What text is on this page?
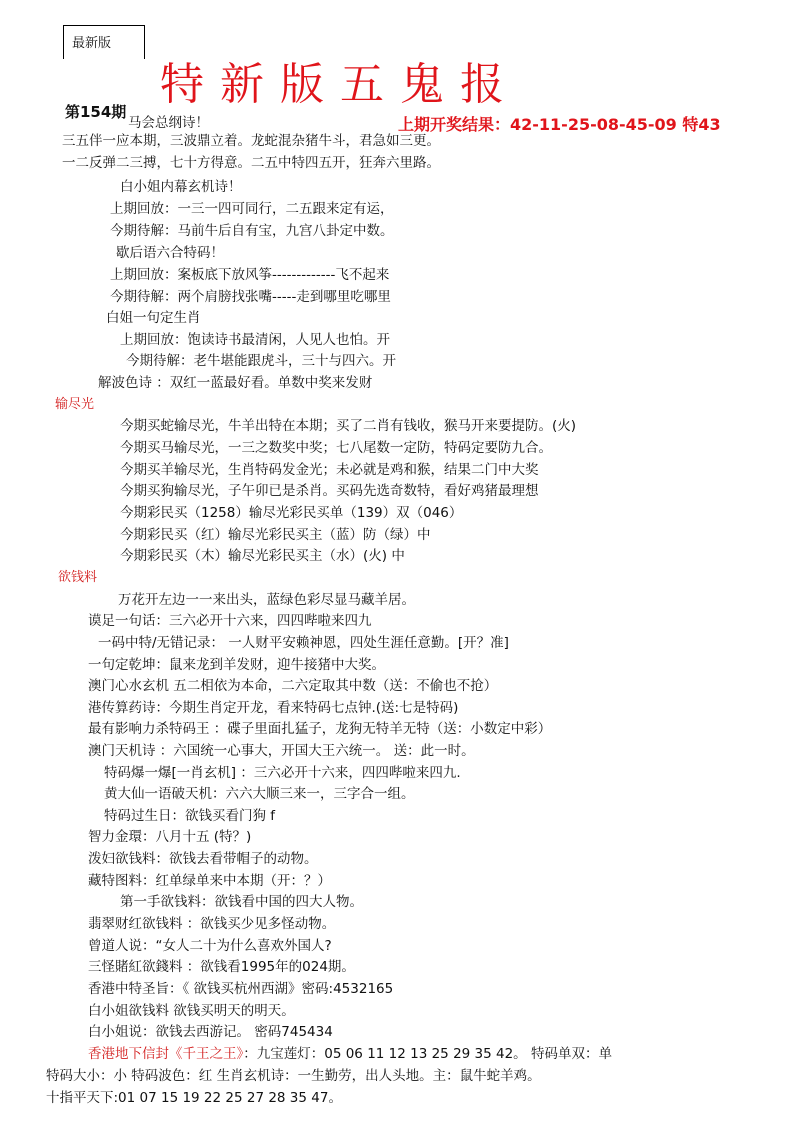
最新版
特新版五鬼报
第154期
上期开奖结果：42-11-25-08-45-09 特43
马会总纲诗！
三五伴一应本期，三波鼎立着。龙蛇混杂猪牛斗，君急如三更。
一二反弹二三搏，七十方得意。二五中特四五开，狂奔六里路。
白小姐内幕玄机诗！
上期回放：一三一四可同行，二五跟来定有运，
今期待解：马前牛后自有宝，九宫八卦定中数。
歇后语六合特码！
上期回放：案板底下放风筝-------------飞不起来
今期待解：两个肩膀找张嘴-----走到哪里吃哪里
白姐一句定生肖
上期回放：饱读诗书最清闲，人见人也怕。开
今期待解：老牛堪能跟虎斗，三十与四六。开
解波色诗 ：双红一蓝最好看。单数中奖来发财
输尽光
今期买蛇输尽光，牛羊出特在本期；买了二肖有钱收，猴马开来要提防。(火)
今期买马输尽光，一三之数奖中奖；七八尾数一定防，特码定要防九合。
今期买羊输尽光，生肖特码发金光；未必就是鸡和猴，结果二门中大奖
今期买狗输尽光，子午卯已是杀肖。买码先选奇数特，看好鸡猪最理想
今期彩民买（1258）输尽光彩民买单（139）双（046）
今期彩民买（红）输尽光彩民买主（蓝）防（绿）中
今期彩民买（木）输尽光彩民买主（水）(火) 中
欲钱料
万花开左边一一来出头，蓝绿色彩尽显马藏羊居。
谟足一句话：三六必开十六来，四四哔啦来四九
一码中特/无错记录： 一人财平安赖神恩，四处生涯任意勤。[开？准]
一句定乾坤：鼠来龙到羊发财，迎牛接猪中大奖。
澳门心水玄机 五二相依为本命，二六定取其中数（送：不偷也不抢）
港传算药诗：今期生肖定开龙，看来特码七点钟.(送:七是特码)
最有影响力杀特码王 ：碟子里面扎猛子，龙狗无特羊无特（送：小数定中彩）
澳门天机诗 ：六国统一心事大，开国大王六统一。 送：此一时。
特码爆一爆[一肖玄机] ：三六必开十六来，四四哔啦来四九.
黄大仙一语破天机：六六大顺三来一，三字合一组。
特码过生日：欲钱买看门狗 f
智力金環：八月十五 (特？)
泼妇欲钱料：欲钱去看带帽子的动物。
藏特图料：红单绿单来中本期（开：？）
第一手欲钱料：欲钱看中国的四大人物。
翡翠财红欲钱料 ：欲钱买少见多怪动物。
曾道人说：“女人二十为什么喜欢外国人?
三怪賭紅欲錢料 ：欲钱看1995年的024期。
香港中特圣旨：《 欲钱买杭州西湖》密码:4532165
白小姐欲钱料 欲钱买明天的明天。
白小姐说：欲钱去西游记。 密码745434
香港地下信封《千王之王》：九宝莲灯：05 06 11 12 13 25 29 35 42。 特码单双：单
特码大小：小 特码波色：红 生肖玄机诗：一生勤劳，出人头地。主：鼠牛蛇羊鸡。
十指平天下:01 07 15 19 22 25 27 28 35 47。
